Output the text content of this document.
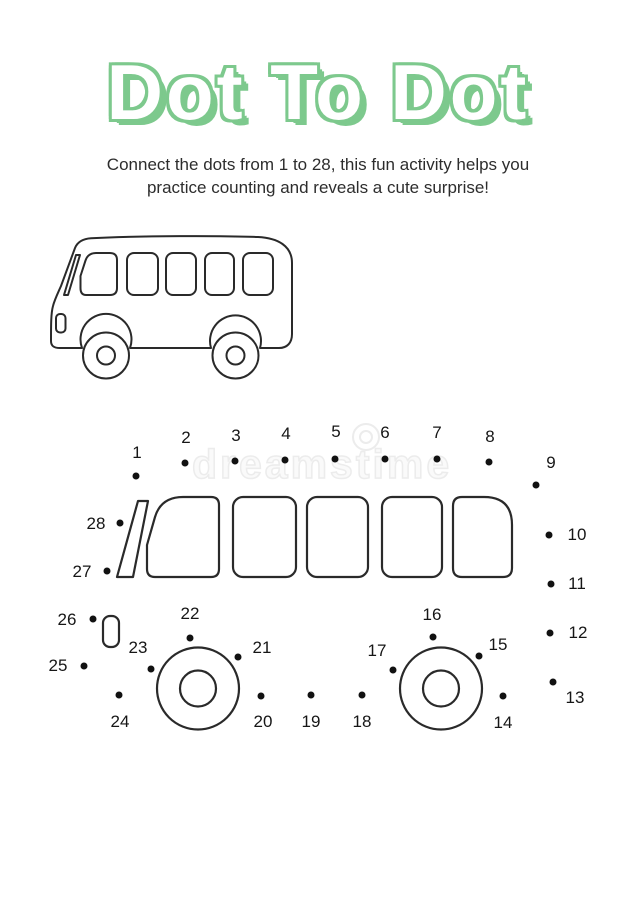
dreamstime
Dot To Dot
Connect the dots from 1 to 28, this fun activity helps you
practice counting and reveals a cute surprise!
1
2 3 4 5 6	7	8
9
10
11
12
13
14
15
16
17
18
19
20
21
22
23
24
25
26
27
28
